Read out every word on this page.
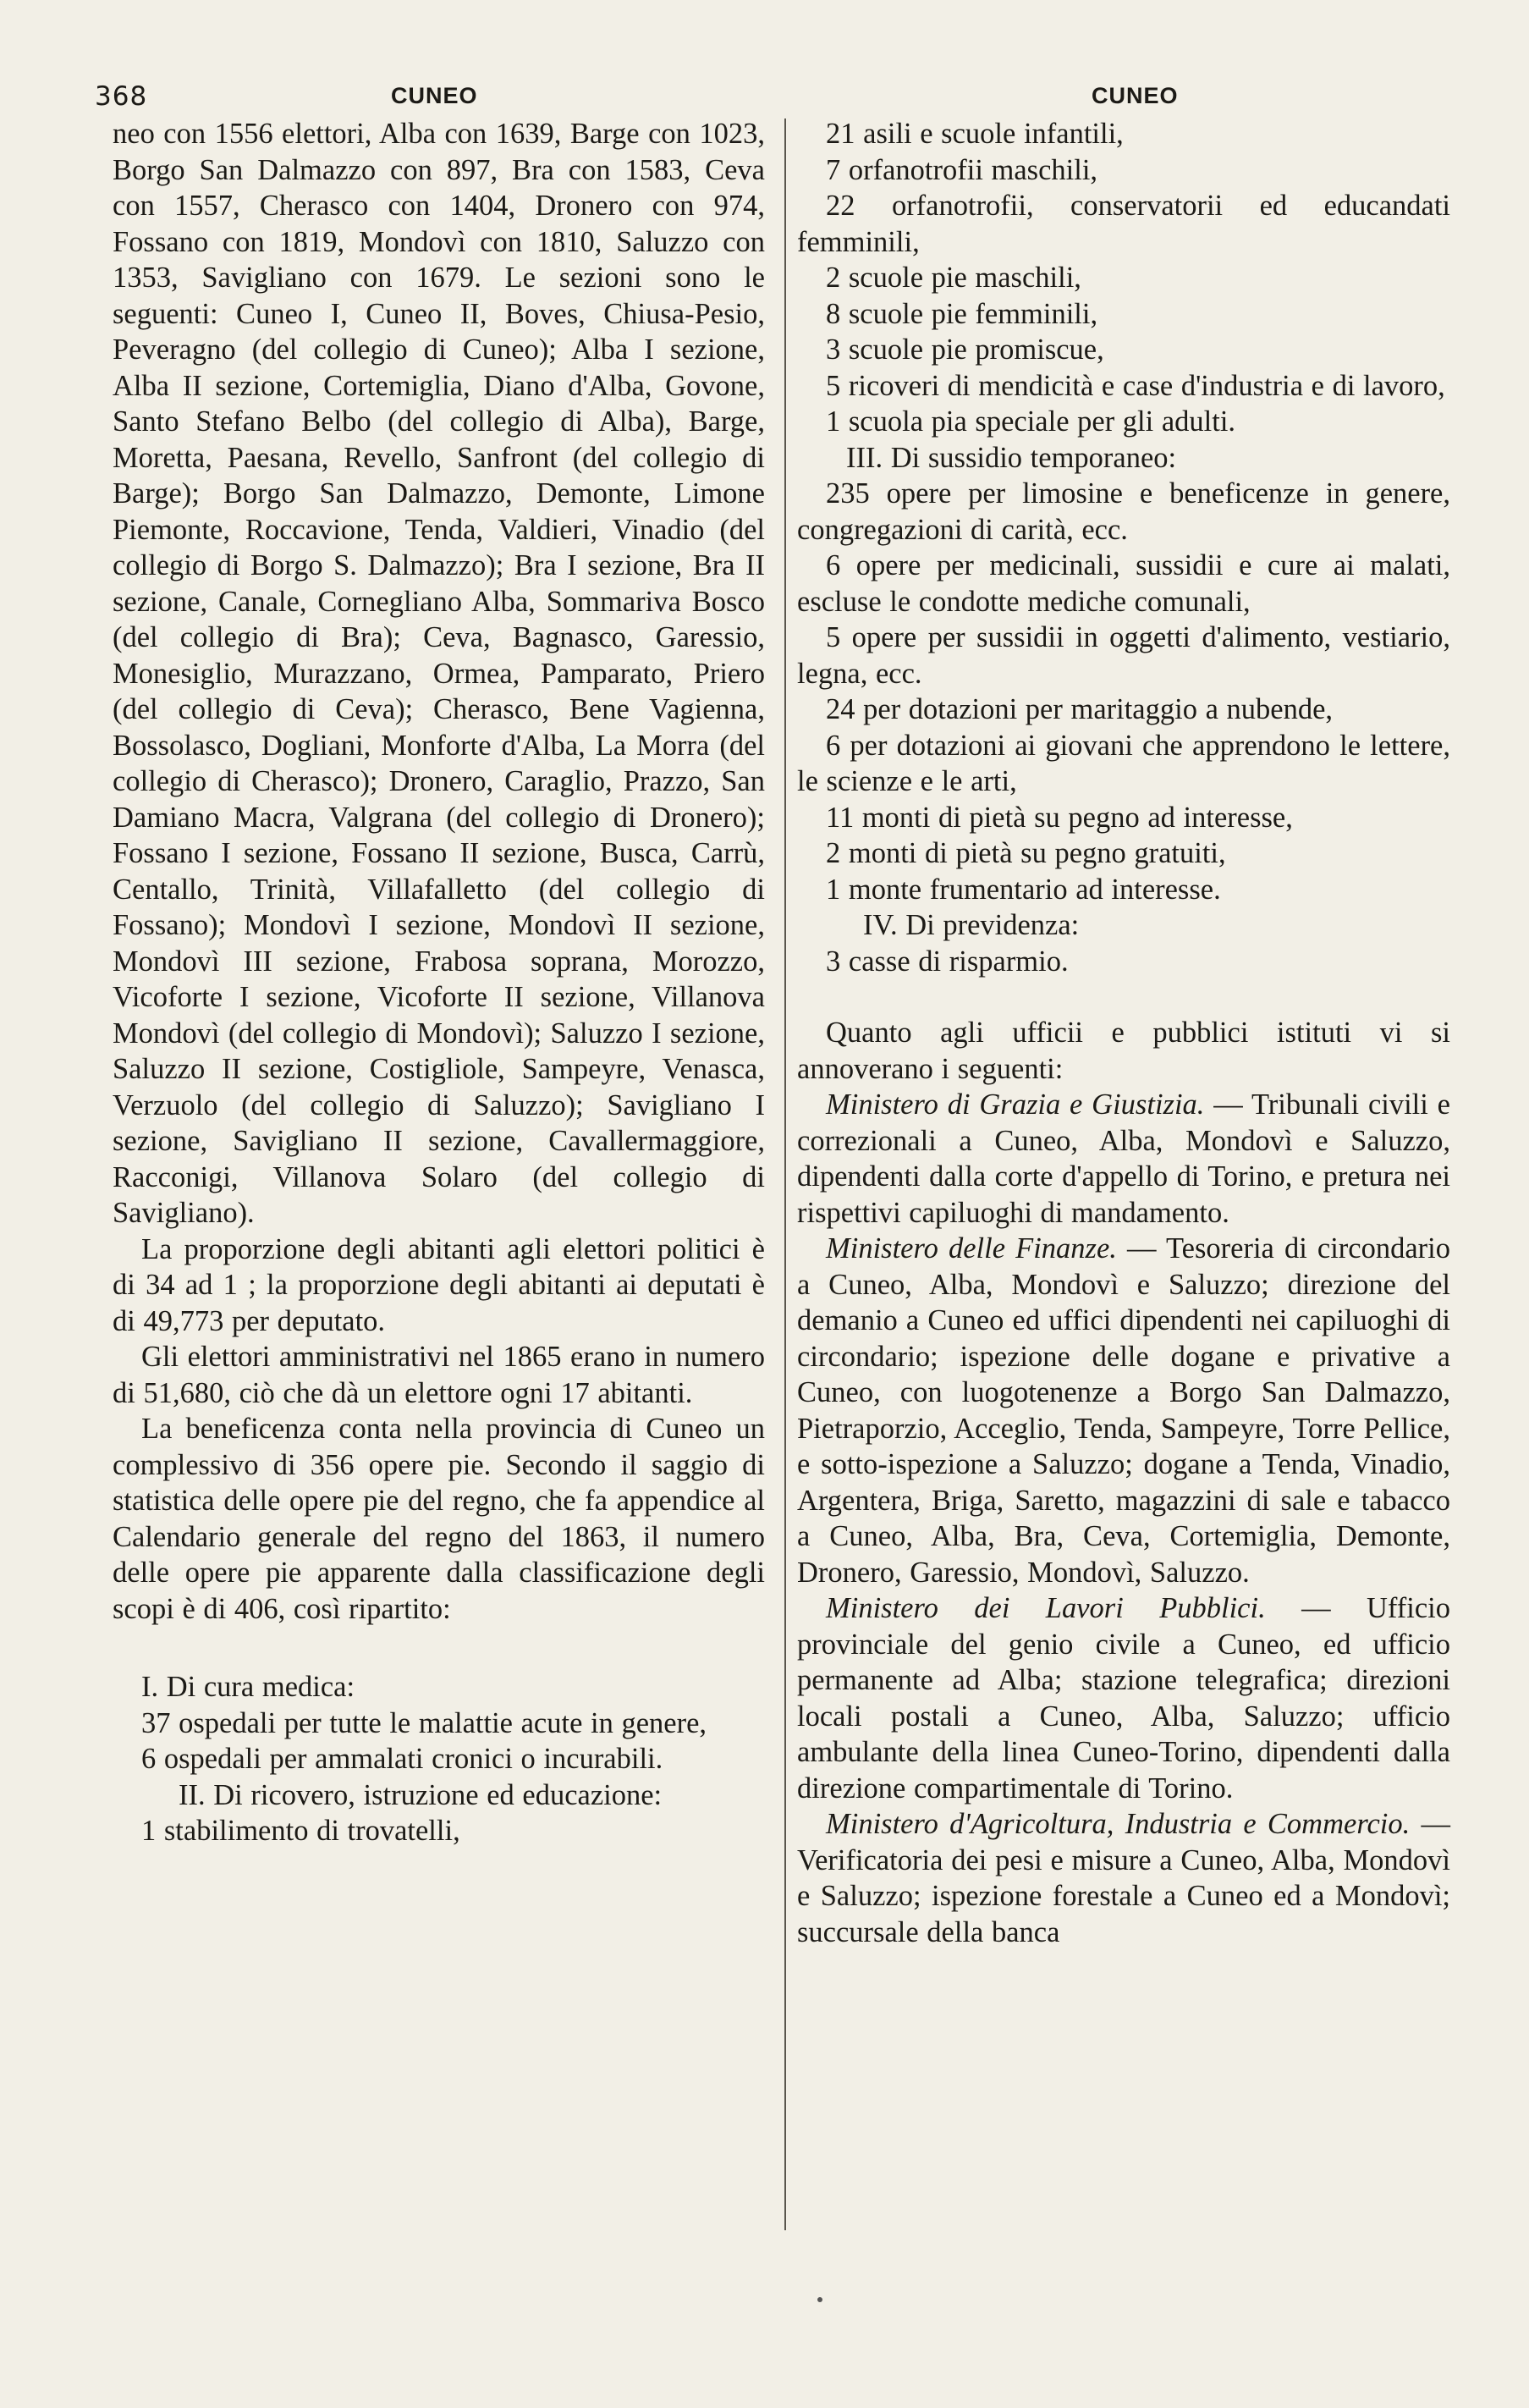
368	CUNEO	CUNEO

neo con 1556 elettori, Alba con 1639, Barge con 1023, Borgo San Dalmazzo con 897, Bra con 1583, Ceva con 1557, Cherasco con 1404, Dronero con 974, Fossano con 1819, Mondovì con 1810, Saluzzo con 1353, Savigliano con 1679. Le sezioni sono le seguenti: Cuneo I, Cuneo II, Boves, Chiusa-Pesio, Peveragno (del collegio di Cuneo); Alba I sezione, Alba II sezione, Cortemiglia, Diano d'Alba, Govone, Santo Stefano Belbo (del collegio di Alba), Barge, Moretta, Paesana, Revello, Sanfront (del collegio di Barge); Borgo San Dalmazzo, Demonte, Limone Piemonte, Roccavione, Tenda, Valdieri, Vinadio (del collegio di Borgo S. Dalmazzo); Bra I sezione, Bra II sezione, Canale, Cornegliano Alba, Sommariva Bosco (del collegio di Bra); Ceva, Bagnasco, Garessio, Monesiglio, Murazzano, Ormea, Pamparato, Priero (del collegio di Ceva); Cherasco, Bene Vagienna, Bossolasco, Dogliani, Monforte d'Alba, La Morra (del collegio di Cherasco); Dronero, Caraglio, Prazzo, San Damiano Macra, Valgrana (del collegio di Dronero); Fossano I sezione, Fossano II sezione, Busca, Carrù, Centallo, Trinità, Villafalletto (del collegio di Fossano); Mondovì I sezione, Mondovì II sezione, Mondovì III sezione, Frabosa soprana, Morozzo, Vicoforte I sezione, Vicoforte II sezione, Villanova Mondovì (del collegio di Mondovì); Saluzzo I sezione, Saluzzo II sezione, Costigliole, Sampeyre, Venasca, Verzuolo (del collegio di Saluzzo); Savigliano I sezione, Savigliano II sezione, Cavallermaggiore, Racconigi, Villanova Solaro (del collegio di Savigliano).

La proporzione degli abitanti agli elettori politici è di 34 ad 1 ; la proporzione degli abitanti ai deputati è di 49,773 per deputato.

Gli elettori amministrativi nel 1865 erano in numero di 51,680, ciò che dà un elettore ogni 17 abitanti.

La beneficenza conta nella provincia di Cuneo un complessivo di 356 opere pie. Secondo il saggio di statistica delle opere pie del regno, che fa appendice al Calendario generale del regno del 1863, il numero delle opere pie apparente dalla classificazione degli scopi è di 406, così ripartito:

I. Di cura medica:

37 ospedali per tutte le malattie acute in genere,

6 ospedali per ammalati cronici o incurabili.

II. Di ricovero, istruzione ed educazione:

1 stabilimento di trovatelli,

21 asili e scuole infantili,

7 orfanotrofii maschili,

22 orfanotrofii, conservatorii ed educandati femminili,

2 scuole pie maschili,

8 scuole pie femminili,

3 scuole pie promiscue,

5 ricoveri di mendicità e case d'industria e di lavoro,

1 scuola pia speciale per gli adulti.

III. Di sussidio temporaneo:

235 opere per limosine e beneficenze in genere, congregazioni di carità, ecc.

6 opere per medicinali, sussidii e cure ai malati, escluse le condotte mediche comunali,

5 opere per sussidii in oggetti d'alimento, vestiario, legna, ecc.

24 per dotazioni per maritaggio a nubende,

6 per dotazioni ai giovani che apprendono le lettere, le scienze e le arti,

11 monti di pietà su pegno ad interesse,

2 monti di pietà su pegno gratuiti,

1 monte frumentario ad interesse.

IV. Di previdenza:

3 casse di risparmio.

Quanto agli ufficii e pubblici istituti vi si annoverano i seguenti:

Ministero di Grazia e Giustizia. — Tribunali civili e correzionali a Cuneo, Alba, Mondovì e Saluzzo, dipendenti dalla corte d'appello di Torino, e pretura nei rispettivi capiluoghi di mandamento.

Ministero delle Finanze. — Tesoreria di circondario a Cuneo, Alba, Mondovì e Saluzzo; direzione del demanio a Cuneo ed uffici dipendenti nei capiluoghi di circondario; ispezione delle dogane e privative a Cuneo, con luogotenenze a Borgo San Dalmazzo, Pietraporzio, Acceglio, Tenda, Sampeyre, Torre Pellice, e sotto-ispezione a Saluzzo; dogane a Tenda, Vinadio, Argentera, Briga, Saretto, magazzini di sale e tabacco a Cuneo, Alba, Bra, Ceva, Cortemiglia, Demonte, Dronero, Garessio, Mondovì, Saluzzo.

Ministero dei Lavori Pubblici. — Ufficio provinciale del genio civile a Cuneo, ed ufficio permanente ad Alba; stazione telegrafica; direzioni locali postali a Cuneo, Alba, Saluzzo; ufficio ambulante della linea Cuneo-Torino, dipendenti dalla direzione compartimentale di Torino.

Ministero d'Agricoltura, Industria e Commercio. — Verificatoria dei pesi e misure a Cuneo, Alba, Mondovì e Saluzzo; ispezione forestale a Cuneo ed a Mondovì; succursale della banca
